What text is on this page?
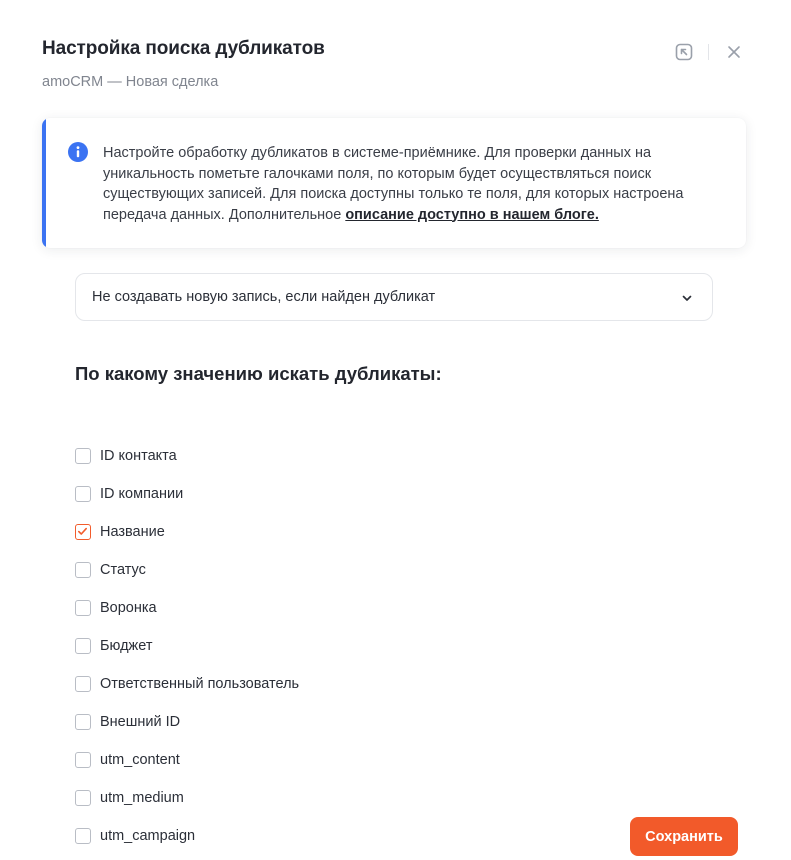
Настройка поиска дубликатов
amoCRM — Новая сделка
Настройте обработку дубликатов в системе-приёмнике. Для проверки данных на уникальность пометьте галочками поля, по которым будет осуществляться поиск существующих записей. Для поиска доступны только те поля, для которых настроена передача данных. Дополнительное описание доступно в нашем блоге.
Не создавать новую запись, если найден дубликат
По какому значению искать дубликаты:
ID контакта
ID компании
Название
Статус
Воронка
Бюджет
Ответственный пользователь
Внешний ID
utm_content
utm_medium
utm_campaign	Сохранить
